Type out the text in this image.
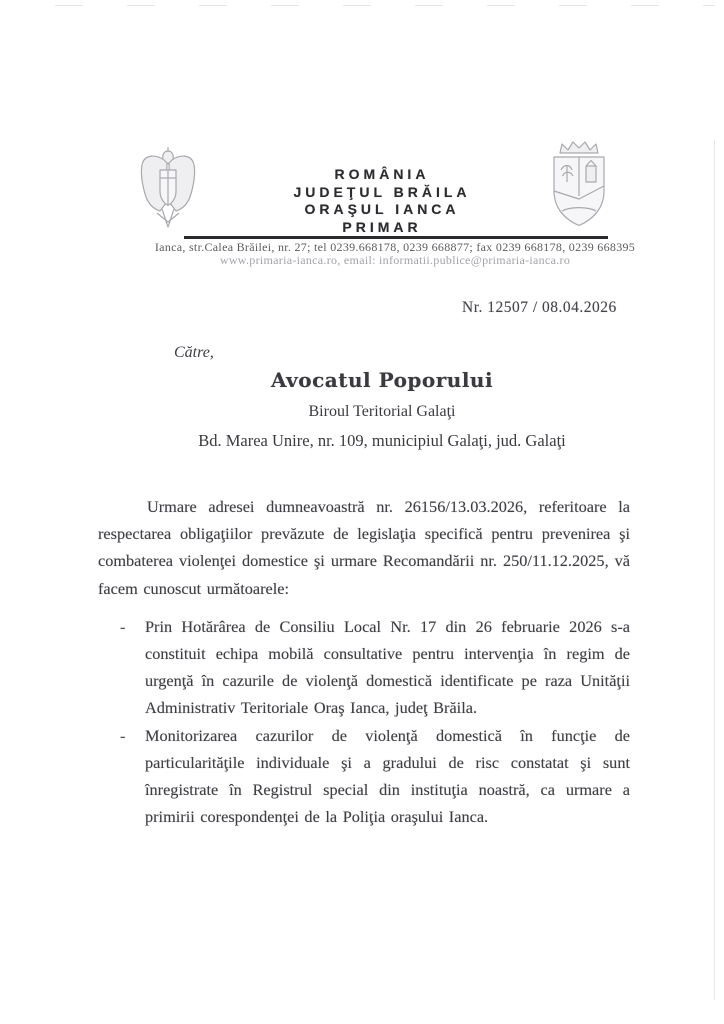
ROMÂNIA
JUDEŢUL BRĂILA
ORAŞUL IANCA
PRIMAR
Ianca, str.Calea Brăilei, nr. 27; tel 0239.668178, 0239 668877; fax 0239 668178, 0239 668395
www.primaria-ianca.ro, email: informatii.publice@primaria-ianca.ro
Nr. 12507 / 08.04.2026
Către,

Avocatul Poporului

Biroul Teritorial Galaţi

Bd. Marea Unire, nr. 109, municipiul Galaţi, jud. Galaţi

Urmare adresei dumneavoastră nr. 26156/13.03.2026, referitoare la respectarea obligaţiilor prevăzute de legislaţia specifică pentru prevenirea şi combaterea violenţei domestice şi urmare Recomandării nr. 250/11.12.2025, vă facem cunoscut următoarele:

- Prin Hotărârea de Consiliu Local Nr. 17 din 26 februarie 2026 s-a constituit echipa mobilă consultative pentru intervenţia în regim de urgenţă în cazurile de violenţă domestică identificate pe raza Unităţii Administrativ Teritoriale Oraş Ianca, judeţ Brăila.
- Monitorizarea cazurilor de violenţă domestică în funcţie de particularităţile individuale şi a gradului de risc constatat şi sunt înregistrate în Registrul special din instituţia noastră, ca urmare a primirii corespondenţei de la Poliţia oraşului Ianca.
